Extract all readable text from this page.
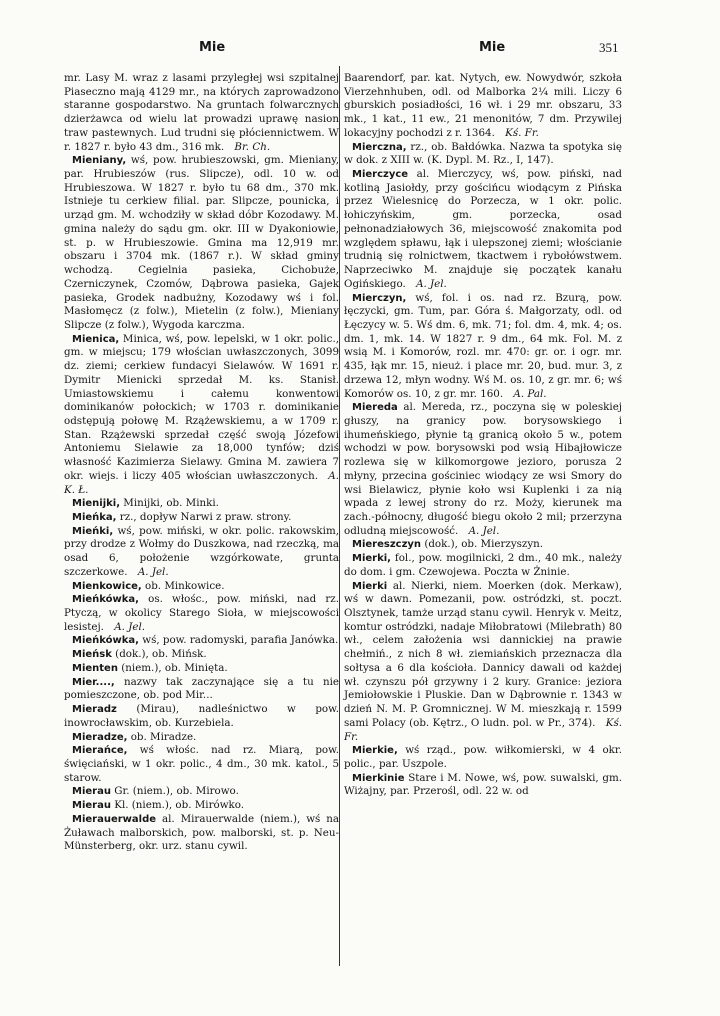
Mie	Mie	351

mr. Lasy M. wraz z lasami przyległej wsi szpitalnej Piaseczno mają 4129 mr., na których zaprowadzono staranne gospodarstwo. Na gruntach folwarcznych dzierżawca od wielu lat prowadzi uprawę nasion traw pastewnych. Lud trudni się płóciennictwem. W r. 1827 r. było 43 dm., 316 mk.  Br. Ch.

Mieniany, wś, pow. hrubieszowski, gm. Mieniany, par. Hrubieszów (rus. Slipcze), odl. 10 w. od Hrubieszowa. W 1827 r. było tu 68 dm., 370 mk. Istnieje tu cerkiew filial. par. Slipcze, pounicka, i urząd gm. M. wchodziły w skład dóbr Kozodawy. M. gmina należy do sądu gm. okr. III w Dyakoniowie, st. p. w Hrubieszowie. Gmina ma 12,919 mr. obszaru i 3704 mk. (1867 r.). W skład gminy wchodzą. Cegielnia pasieka, Cichobuże, Czerniczynek, Czomów, Dąbrowa pasieka, Gajek pasieka, Grodek nadbużny, Kozodawy wś i fol. Masłomęcz (z folw.), Mietelin (z folw.), Mieniany Slipcze (z folw.), Wygoda karczma.

Mienica, Minica, wś, pow. lepelski, w 1 okr. polic., gm. w miejscu; 179 włościan uwłaszczonych, 3099 dz. ziemi; cerkiew fundacyi Sielawów. W 1691 r. Dymitr Mienicki sprzedał M. ks. Stanisł. Umiastowskiemu i całemu konwentowi dominikanów połockich; w 1703 r. dominikanie odstępują połowę M. Rzążewskiemu, a w 1709 r. Stan. Rzążewski sprzedał część swoją Józefowi Antoniemu Sielawie za 18,000 tynfów; dziś własność Kazimierza Sielawy. Gmina M. zawiera 7 okr. wiejs. i liczy 405 włościan uwłaszczonych.  A. K. Ł.

Mienijki, Minijki, ob. Minki.

Mieńka, rz., dopływ Narwi z praw. strony.

Mieńki, wś, pow. miński, w okr. polic. rakowskim, przy drodze z Wołmy do Duszkowa, nad rzeczką, ma osad 6, położenie wzgórkowate, grunta szczerkowe.  A. Jel.

Mienkowice, ob. Minkowice.

Mieńkówka, os. włośc., pow. miński, nad rz. Ptyczą, w okolicy Starego Sioła, w miejscowości lesistej.  A. Jel.

Mieńkówka, wś, pow. radomyski, parafia Janówka.

Mieńsk (dok.), ob. Mińsk.

Mienten (niem.), ob. Minięta.

Mier...., nazwy tak zaczynające się a tu nie pomieszczone, ob. pod Mir...

Mieradz (Mirau), nadleśnictwo w pow. inowrocławskim, ob. Kurzebiela.

Mieradze, ob. Miradze.

Mierańce, wś włośc. nad rz. Miarą, pow. święciański, w 1 okr. polic., 4 dm., 30 mk. katol., 5 starow.

Mierau Gr. (niem.), ob. Mirowo.

Mierau Kl. (niem.), ob. Mirówko.

Mierauerwalde al. Mirauerwalde (niem.), wś na Żuławach malborskich, pow. malborski, st. p. Neu-Münsterberg, okr. urz. stanu cywil.

Baarendorf, par. kat. Nytych, ew. Nowydwór, szkoła Vierzehnhuben, odl. od Malborka 2¼ mili. Liczy 6 gburskich posiadłości, 16 wł. i 29 mr. obszaru, 33 mk., 1 kat., 11 ew., 21 menonitów, 7 dm. Przywilej lokacyjny pochodzi z r. 1364.  Kś. Fr.

Mierczna, rz., ob. Bałdówka. Nazwa ta spotyka się w dok. z XIII w. (K. Dypl. M. Rz., I, 147).

Mierczyce al. Mierczycy, wś, pow. piński, nad kotliną Jasiołdy, przy gościńcu wiodącym z Pińska przez Wielesnicę do Porzecza, w 1 okr. polic. łohiczyńskim, gm. porzecka, osad pełnonadziałowych 36, miejscowość znakomita pod względem spławu, łąk i ulepszonej ziemi; włościanie trudnią się rolnictwem, tkactwem i rybołówstwem. Naprzeciwko M. znajduje się początek kanału Ogińskiego.  A. Jel.

Mierczyn, wś, fol. i os. nad rz. Bzurą, pow. łęczycki, gm. Tum, par. Góra ś. Małgorzaty, odl. od Łęczycy w. 5. Wś dm. 6, mk. 71; fol. dm. 4, mk. 4; os. dm. 1, mk. 14. W 1827 r. 9 dm., 64 mk. Fol. M. z wsią M. i Komorów, rozl. mr. 470: gr. or. i ogr. mr. 435, łąk mr. 15, nieuż. i place mr. 20, bud. mur. 3, z drzewa 12, młyn wodny. Wś M. os. 10, z gr. mr. 6; wś Komorów os. 10, z gr. mr. 160.  A. Pal.

Miereda al. Mereda, rz., poczyna się w poleskiej głuszy, na granicy pow. borysowskiego i ihumeńskiego, płynie tą granicą około 5 w., potem wchodzi w pow. borysowski pod wsią Hibajłowicze rozlewa się w kilkomorgowe jezioro, porusza 2 młyny, przecina gościniec wiodący ze wsi Smory do wsi Bielawicz, płynie koło wsi Kuplenki i za nią wpada z lewej strony do rz. Moży, kierunek ma zach.-północny, długość biegu około 2 mil; przerzyna odludną miejscowość.  A. Jel.

Miereszczyn (dok.), ob. Mierzyszyn.

Mierki, fol., pow. mogilnicki, 2 dm., 40 mk., należy do dom. i gm. Czewojewa. Poczta w Żninie.

Mierki al. Nierki, niem. Moerken (dok. Merkaw), wś w dawn. Pomezanii, pow. ostródzki, st. poczt. Olsztynek, tamże urząd stanu cywil. Henryk v. Meitz, komtur ostródzki, nadaje Miłobratowi (Milebrath) 80 wł., celem założenia wsi dannickiej na prawie chełmiń., z nich 8 wł. ziemiańskich przeznacza dla sołtysa a 6 dla kościoła. Dannicy dawali od każdej wł. czynszu pół grzywny i 2 kury. Granice: jeziora Jemiołowskie i Pluskie. Dan w Dąbrownie r. 1343 w dzień N. M. P. Gromnicznej. W M. mieszkają r. 1599 sami Polacy (ob. Kętrz., O ludn. pol. w Pr., 374).  Kś. Fr.

Mierkie, wś rząd., pow. wiłkomierski, w 4 okr. polic., par. Uszpole.

Mierkinie Stare i M. Nowe, wś, pow. suwalski, gm. Wiżajny, par. Przerośl, odl. 22 w. od
